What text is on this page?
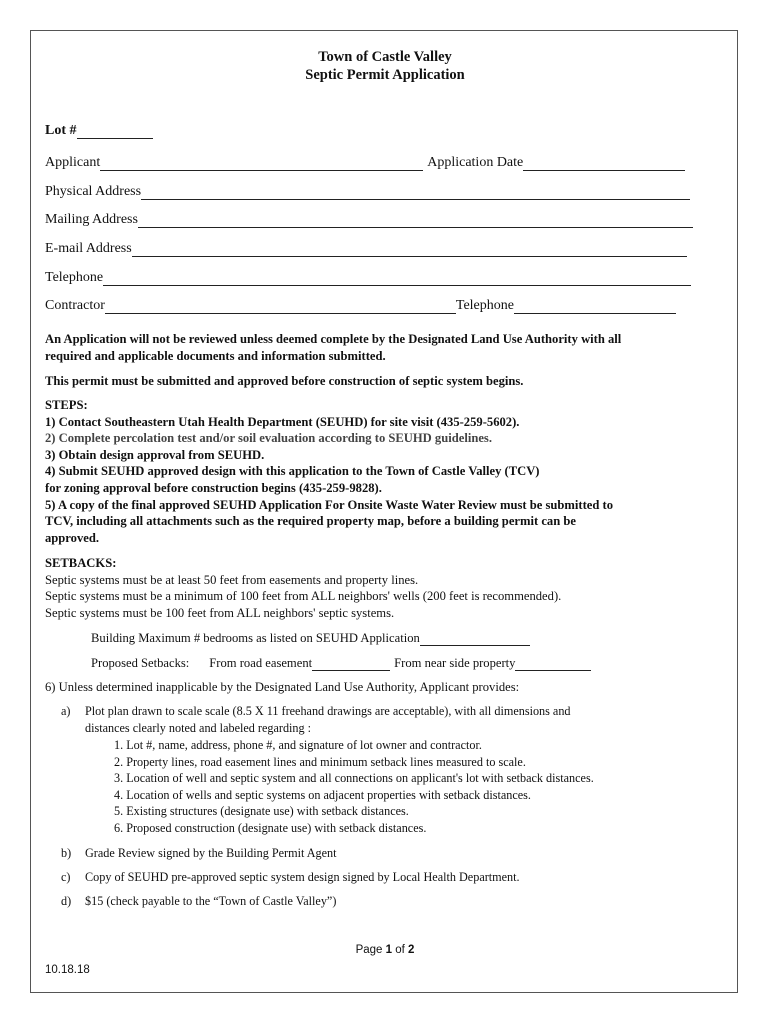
Town of Castle Valley
Septic Permit Application
Lot #
Applicant	Application Date
Physical Address
Mailing Address
E-mail Address
Telephone
Contractor	Telephone
An Application will not be reviewed unless deemed complete by the Designated Land Use Authority with all
required and applicable documents and information submitted.
This permit must be submitted and approved before construction of septic system begins.
STEPS:
1) Contact Southeastern Utah Health Department (SEUHD) for site visit (435-259-5602).
2) Complete percolation test and/or soil evaluation according to SEUHD guidelines.
3) Obtain design approval from SEUHD.
4) Submit SEUHD approved design with this application to the Town of Castle Valley (TCV)
for zoning approval before construction begins (435-259-9828).
5) A copy of the final approved SEUHD Application For Onsite Waste Water Review must be submitted to
TCV, including all attachments such as the required property map, before a building permit can be
approved.
SETBACKS:
Septic systems must be at least 50 feet from easements and property lines.
Septic systems must be a minimum of 100 feet from ALL neighbors' wells (200 feet is recommended).
Septic systems must be 100 feet from ALL neighbors' septic systems.
Building Maximum # bedrooms as listed on SEUHD Application
Proposed Setbacks: From road easement	From near side property
6) Unless determined inapplicable by the Designated Land Use Authority, Applicant provides:
a) Plot plan drawn to scale scale (8.5 X 11 freehand drawings are acceptable), with all dimensions and
distances clearly noted and labeled regarding :
1. Lot #, name, address, phone #, and signature of lot owner and contractor.
2. Property lines, road easement lines and minimum setback lines measured to scale.
3. Location of well and septic system and all connections on applicant's lot with setback distances.
4. Location of wells and septic systems on adjacent properties with setback distances.
5. Existing structures (designate use) with setback distances.
6. Proposed construction (designate use) with setback distances.
b) Grade Review signed by the Building Permit Agent
c) Copy of SEUHD pre-approved septic system design signed by Local Health Department.
d) $15 (check payable to the “Town of Castle Valley”)
Page 1 of 2
10.18.18
